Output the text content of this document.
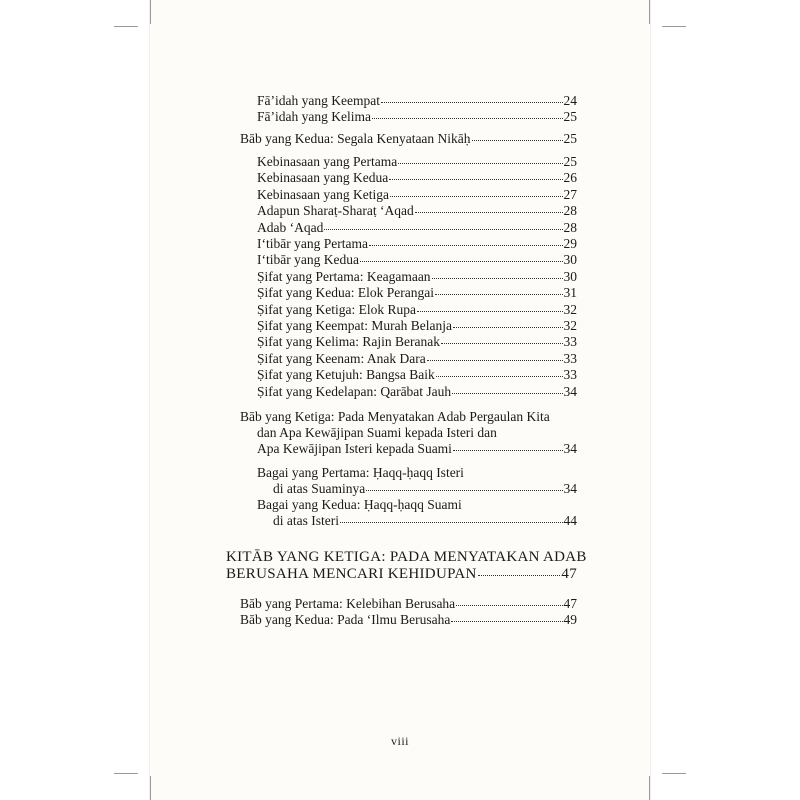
Fā’idah yang Keempat	24
Fā’idah yang Kelima	25
Bāb yang Kedua: Segala Kenyataan Nikāḥ	25
Kebinasaan yang Pertama	25
Kebinasaan yang Kedua	26
Kebinasaan yang Ketiga	27
Adapun Sharaṭ-Sharaṭ ‘Aqad	28
Adab ‘Aqad	28
I‘tibār yang Pertama	29
I‘tibār yang Kedua	30
Ṣifat yang Pertama: Keagamaan	30
Ṣifat yang Kedua: Elok Perangai	31
Ṣifat yang Ketiga: Elok Rupa	32
Ṣifat yang Keempat: Murah Belanja	32
Ṣifat yang Kelima: Rajin Beranak	33
Ṣifat yang Keenam: Anak Dara	33
Ṣifat yang Ketujuh: Bangsa Baik	33
Ṣifat yang Kedelapan: Qarābat Jauh	34
Bāb yang Ketiga: Pada Menyatakan Adab Pergaulan Kita
dan Apa Kewājipan Suami kepada Isteri dan
Apa Kewājipan Isteri kepada Suami	34
Bagai yang Pertama: Ḥaqq-ḥaqq Isteri
di atas Suaminya	34
Bagai yang Kedua: Ḥaqq-ḥaqq Suami
di atas Isteri	44
KITĀB YANG KETIGA: PADA MENYATAKAN ADAB
BERUSAHA MENCARI KEHIDUPAN	47
Bāb yang Pertama: Kelebihan Berusaha	47
Bāb yang Kedua: Pada ‘Ilmu Berusaha	49
viii
